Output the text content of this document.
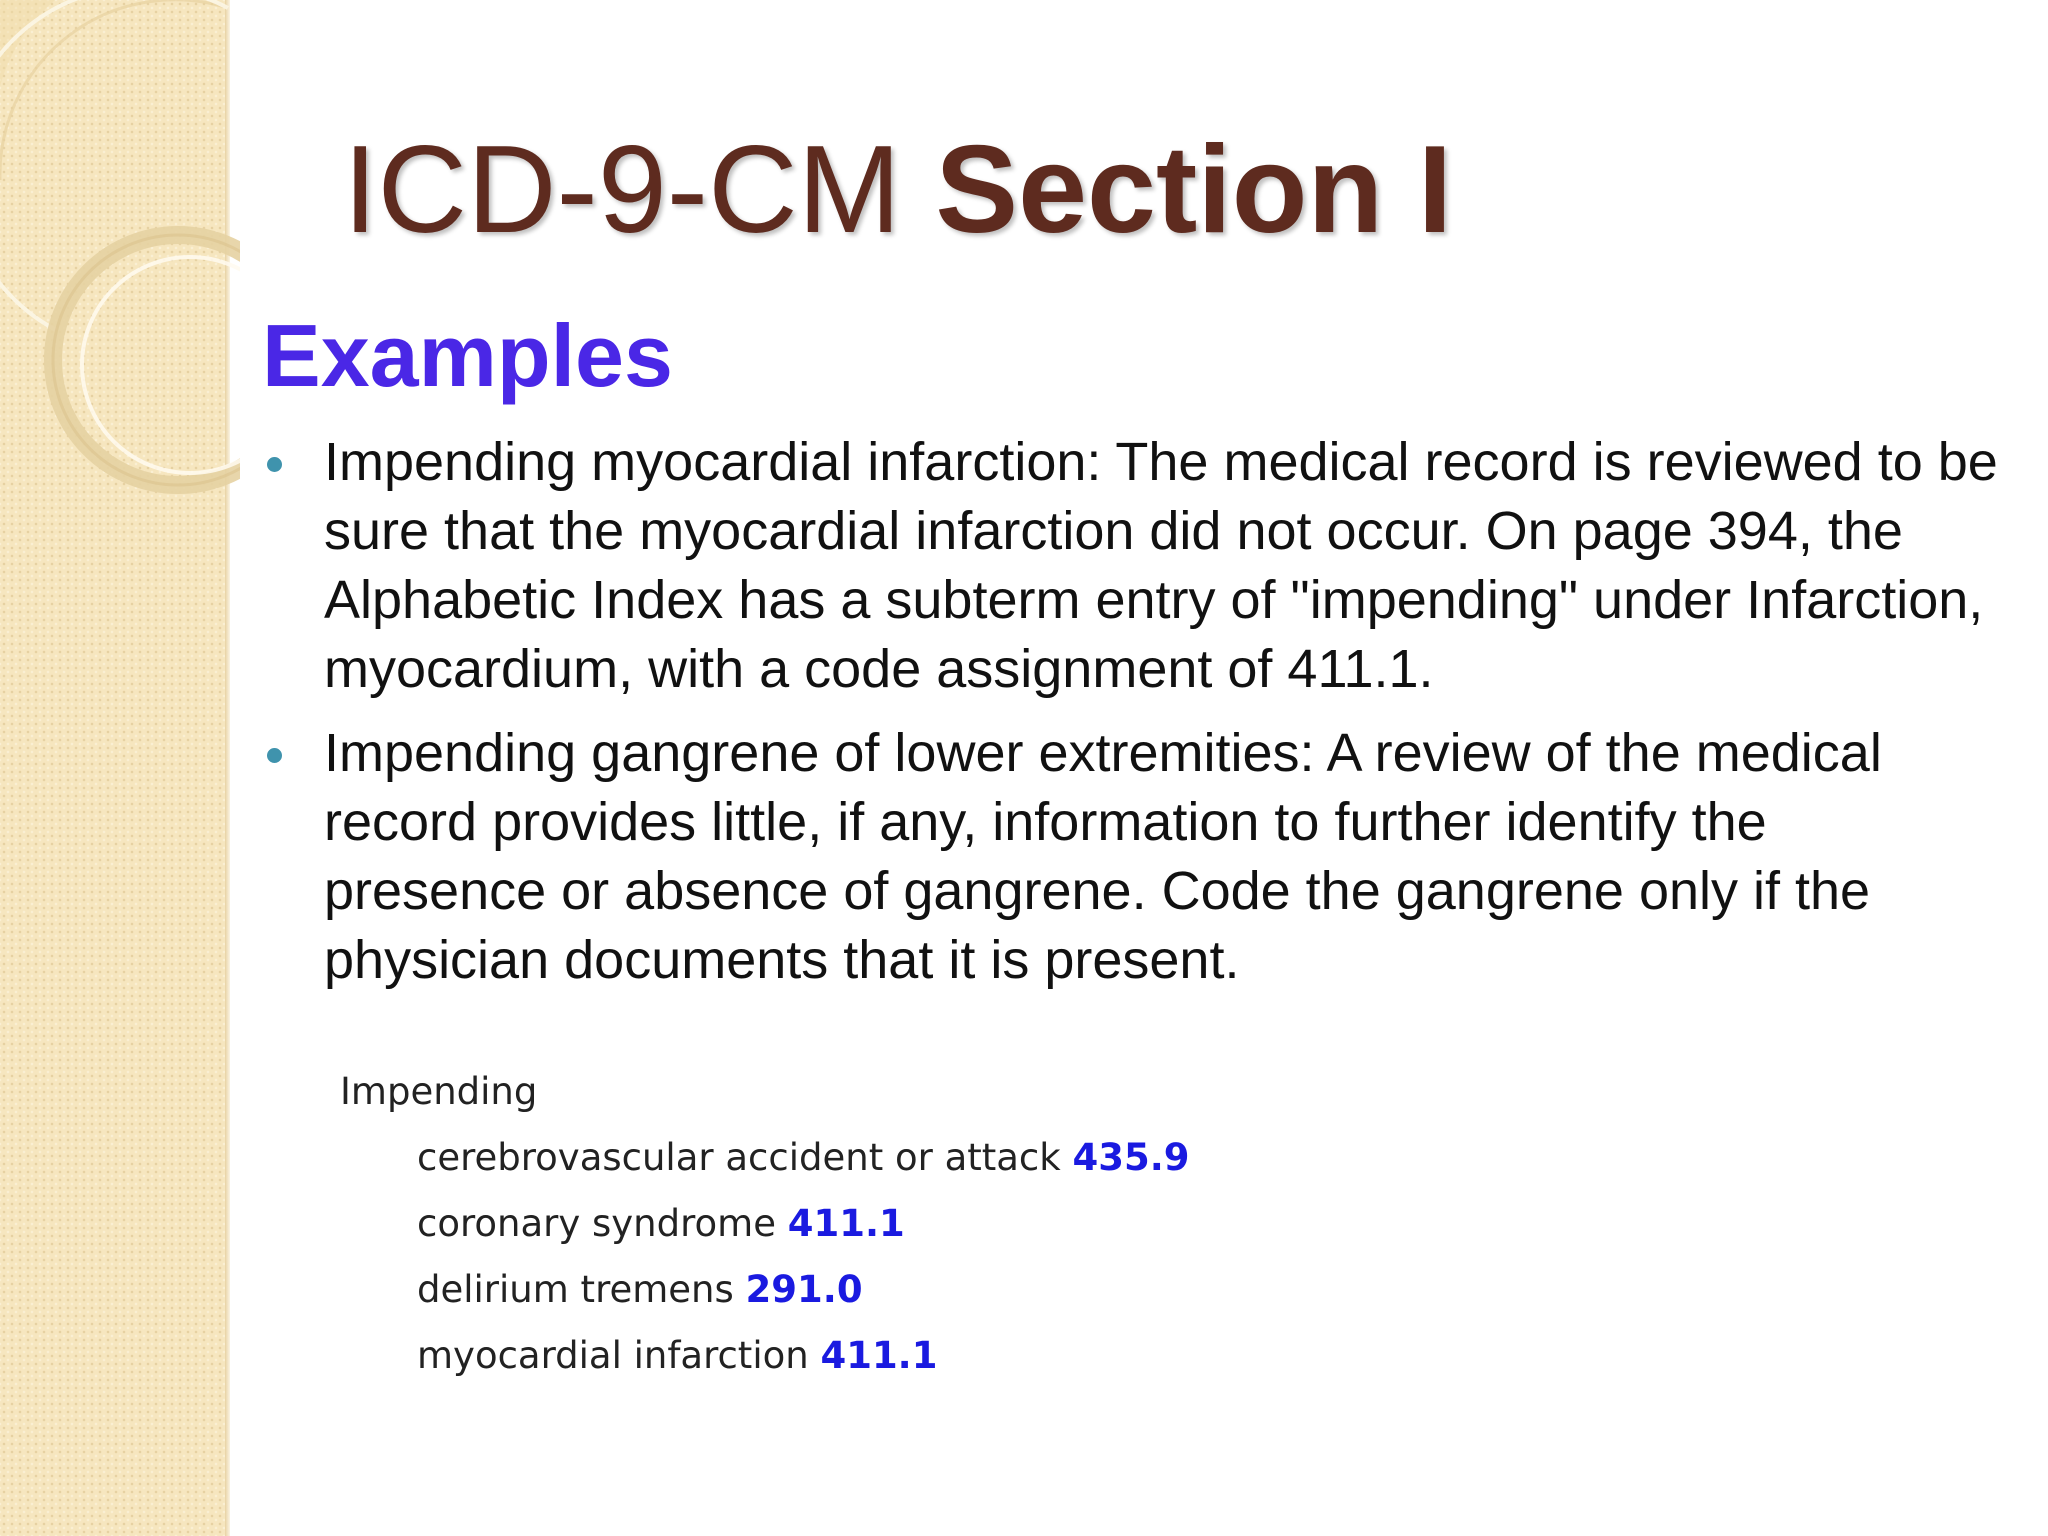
ICD-9-CM Section I
Examples
Impending myocardial infarction: The medical record is reviewed to be sure that the myocardial infarction did not occur. On page 394, the Alphabetic Index has a subterm entry of "impending" under Infarction, myocardium, with a code assignment of 411.1.
Impending gangrene of lower extremities: A review of the medical record provides little, if any, information to further identify the presence or absence of gangrene. Code the gangrene only if the physician documents that it is present.
Impending
cerebrovascular accident or attack 435.9
coronary syndrome 411.1
delirium tremens 291.0
myocardial infarction 411.1
